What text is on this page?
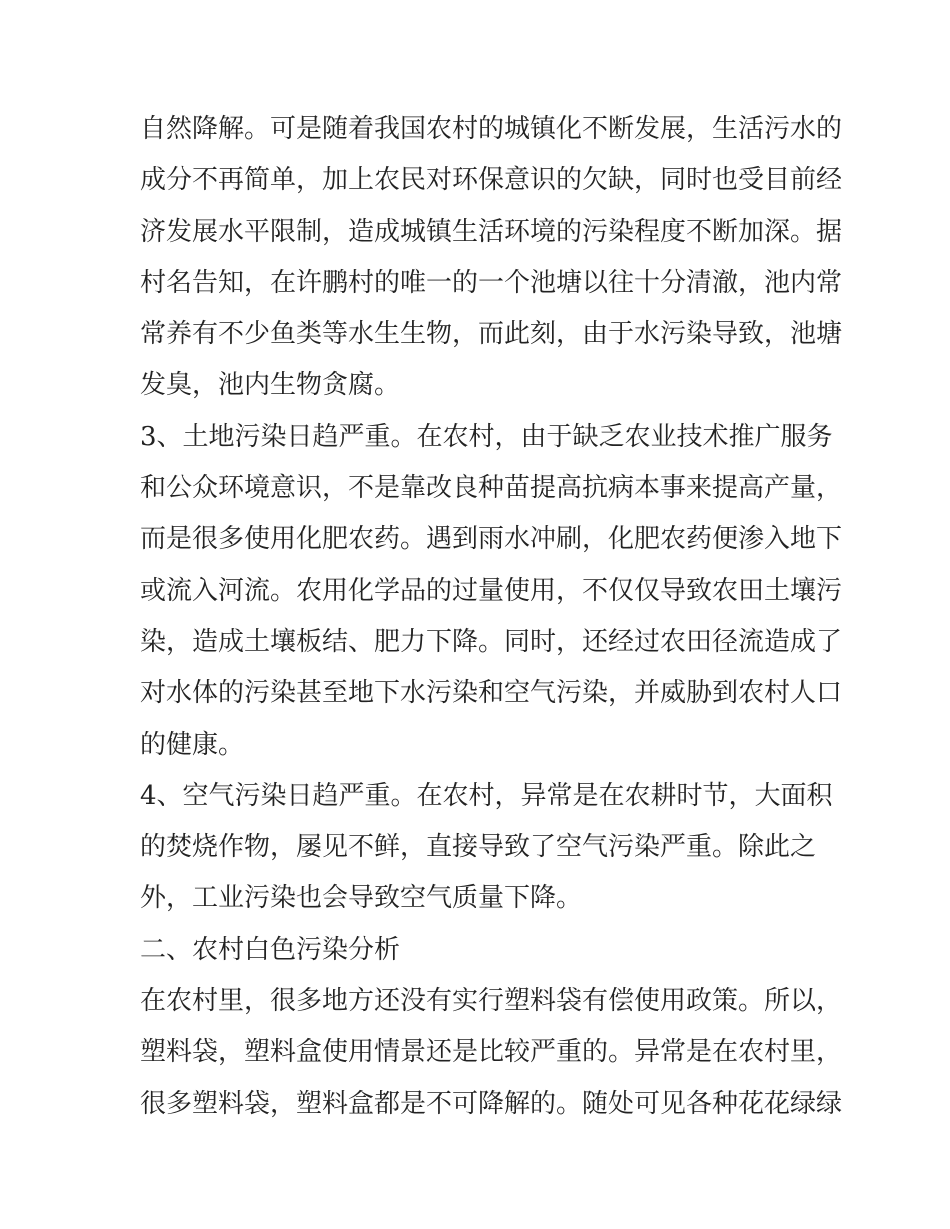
自然降解。可是随着我国农村的城镇化不断发展，生活污水的
成分不再简单，加上农民对环保意识的欠缺，同时也受目前经
济发展水平限制，造成城镇生活环境的污染程度不断加深。据
村名告知，在许鹏村的唯一的一个池塘以往十分清澈，池内常
常养有不少鱼类等水生生物，而此刻，由于水污染导致，池塘
发臭，池内生物贪腐。
3、土地污染日趋严重。在农村，由于缺乏农业技术推广服务
和公众环境意识，不是靠改良种苗提高抗病本事来提高产量，
而是很多使用化肥农药。遇到雨水冲刷，化肥农药便渗入地下
或流入河流。农用化学品的过量使用，不仅仅导致农田土壤污
染，造成土壤板结、肥力下降。同时，还经过农田径流造成了
对水体的污染甚至地下水污染和空气污染，并威胁到农村人口
的健康。
4、空气污染日趋严重。在农村，异常是在农耕时节，大面积
的焚烧作物，屡见不鲜，直接导致了空气污染严重。除此之
外，工业污染也会导致空气质量下降。
二、农村白色污染分析
在农村里，很多地方还没有实行塑料袋有偿使用政策。所以，
塑料袋，塑料盒使用情景还是比较严重的。异常是在农村里，
很多塑料袋，塑料盒都是不可降解的。随处可见各种花花绿绿
